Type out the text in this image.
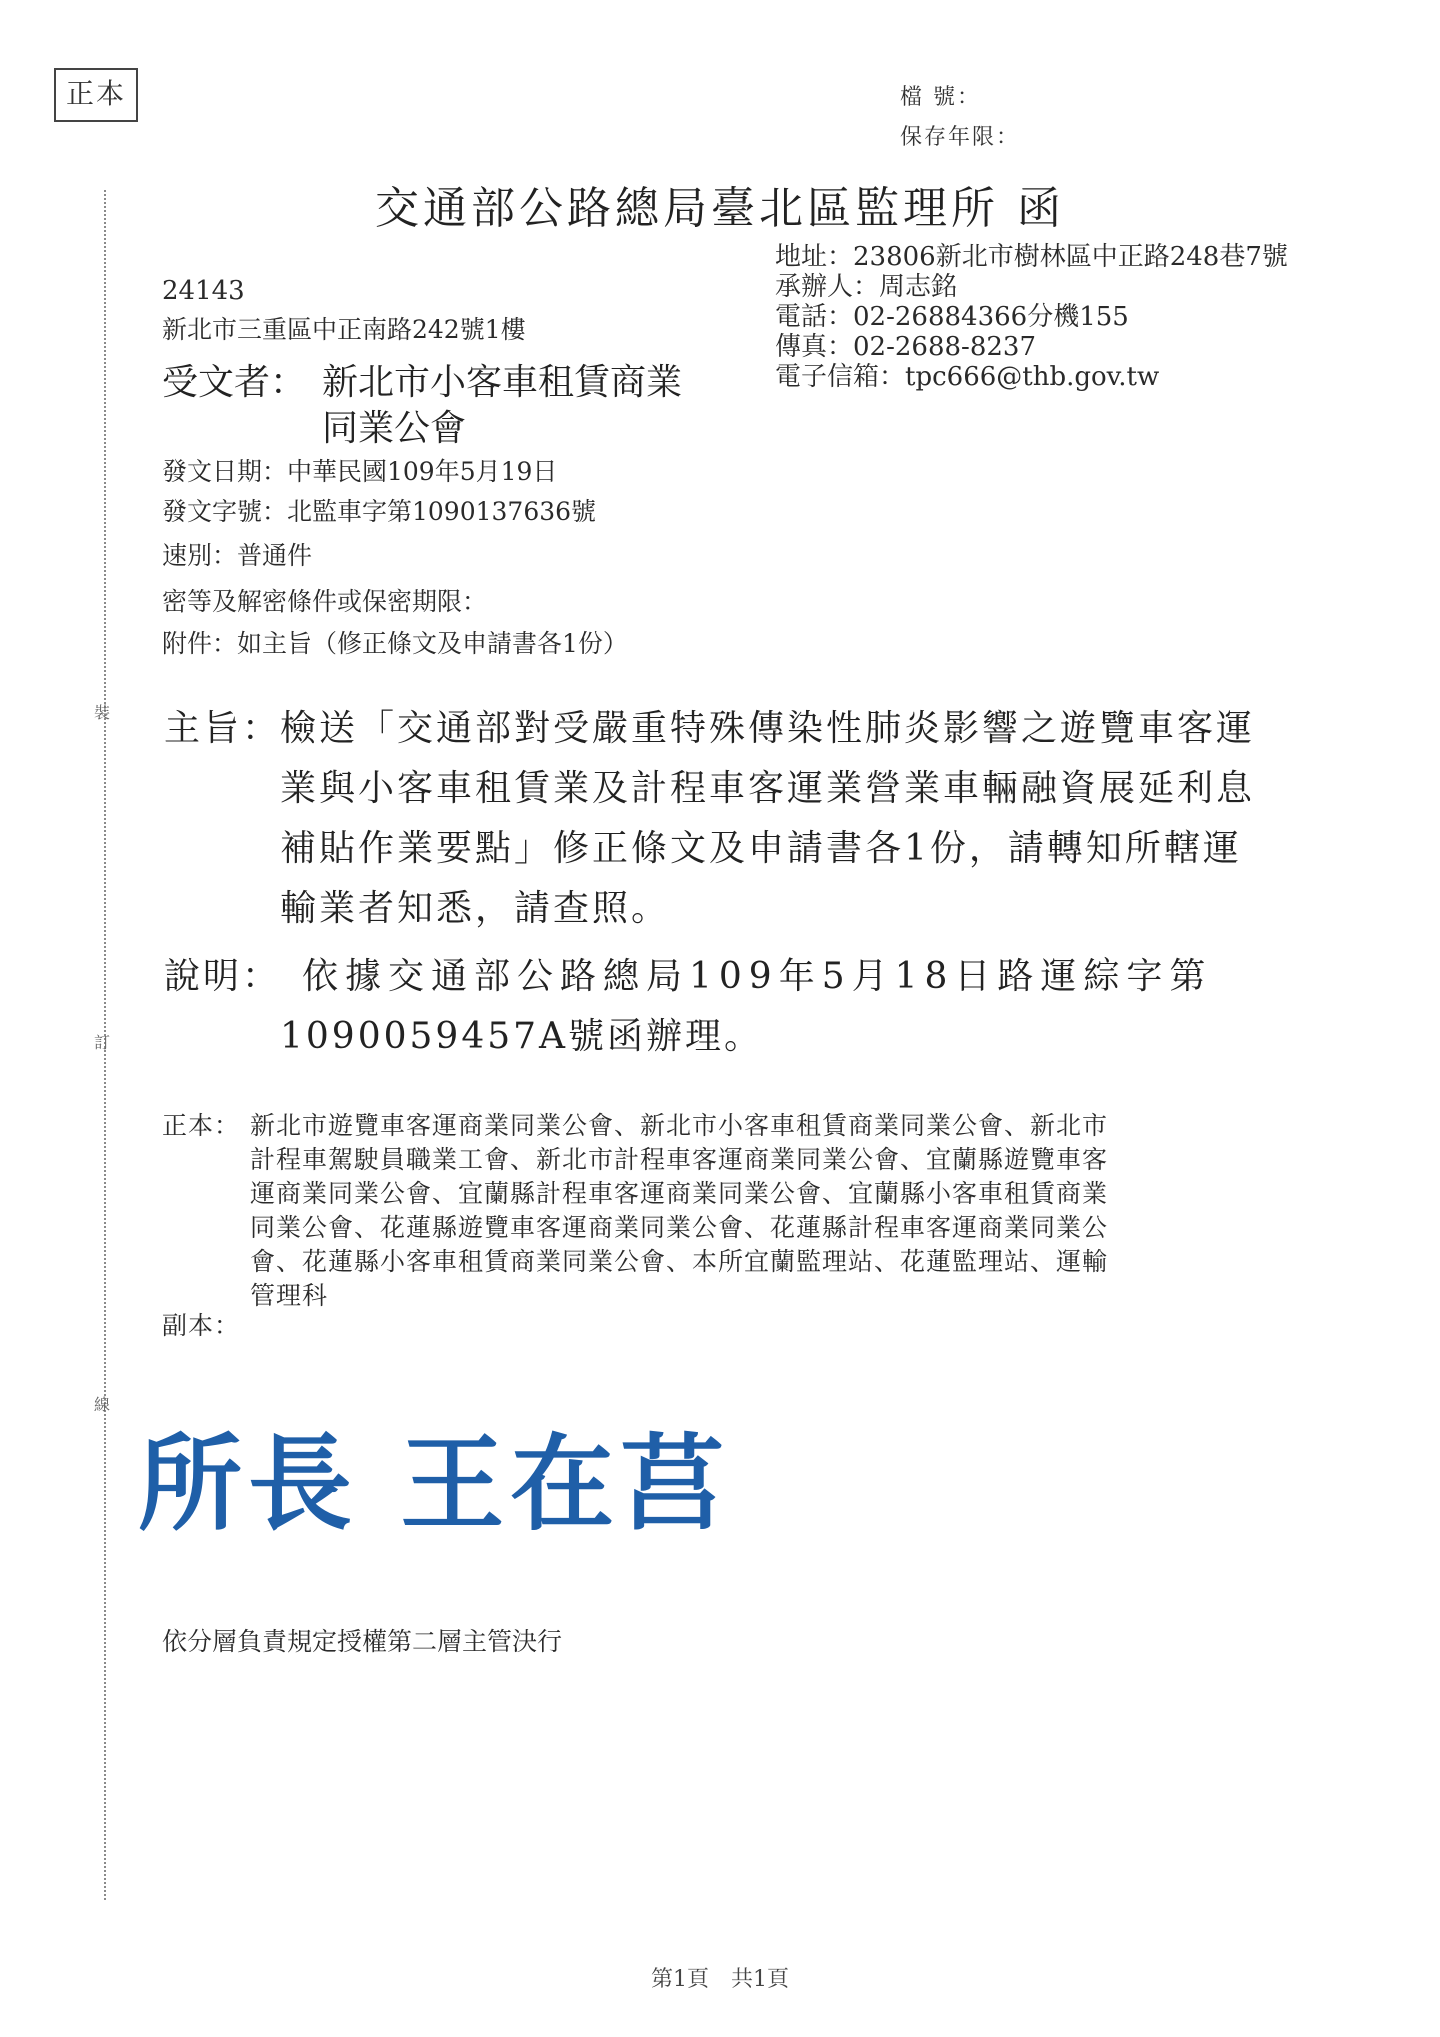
正本	檔 號：
保存年限：
交通部公路總局臺北區監理所 函
裝
訂
線
地址：23806新北市樹林區中正路248巷7號
承辦人：周志銘
電話：02-26884366分機155
傳真：02-2688-8237
電子信箱：tpc666@thb.gov.tw
24143
新北市三重區中正南路242號1樓
受文者： 新北市小客車租賃商業
同業公會
發文日期：中華民國109年5月19日
發文字號：北監車字第1090137636號
速別：普通件
密等及解密條件或保密期限：
附件：如主旨（修正條文及申請書各1份）
主旨：
檢送「交通部對受嚴重特殊傳染性肺炎影響之遊覽車客運
業與小客車租賃業及計程車客運業營業車輛融資展延利息
補貼作業要點」修正條文及申請書各1份，請轉知所轄運
輸業者知悉，請查照。
說明： 依據交通部公路總局109年5月18日路運綜字第
1090059457A號函辦理。
正本： 新北市遊覽車客運商業同業公會、新北市小客車租賃商業同業公會、新北市
計程車駕駛員職業工會、新北市計程車客運商業同業公會、宜蘭縣遊覽車客
運商業同業公會、宜蘭縣計程車客運商業同業公會、宜蘭縣小客車租賃商業
同業公會、花蓮縣遊覽車客運商業同業公會、花蓮縣計程車客運商業同業公
會、花蓮縣小客車租賃商業同業公會、本所宜蘭監理站、花蓮監理站、運輸
管理科
副本：
所長 王在莒
依分層負責規定授權第二層主管決行
第1頁　共1頁
